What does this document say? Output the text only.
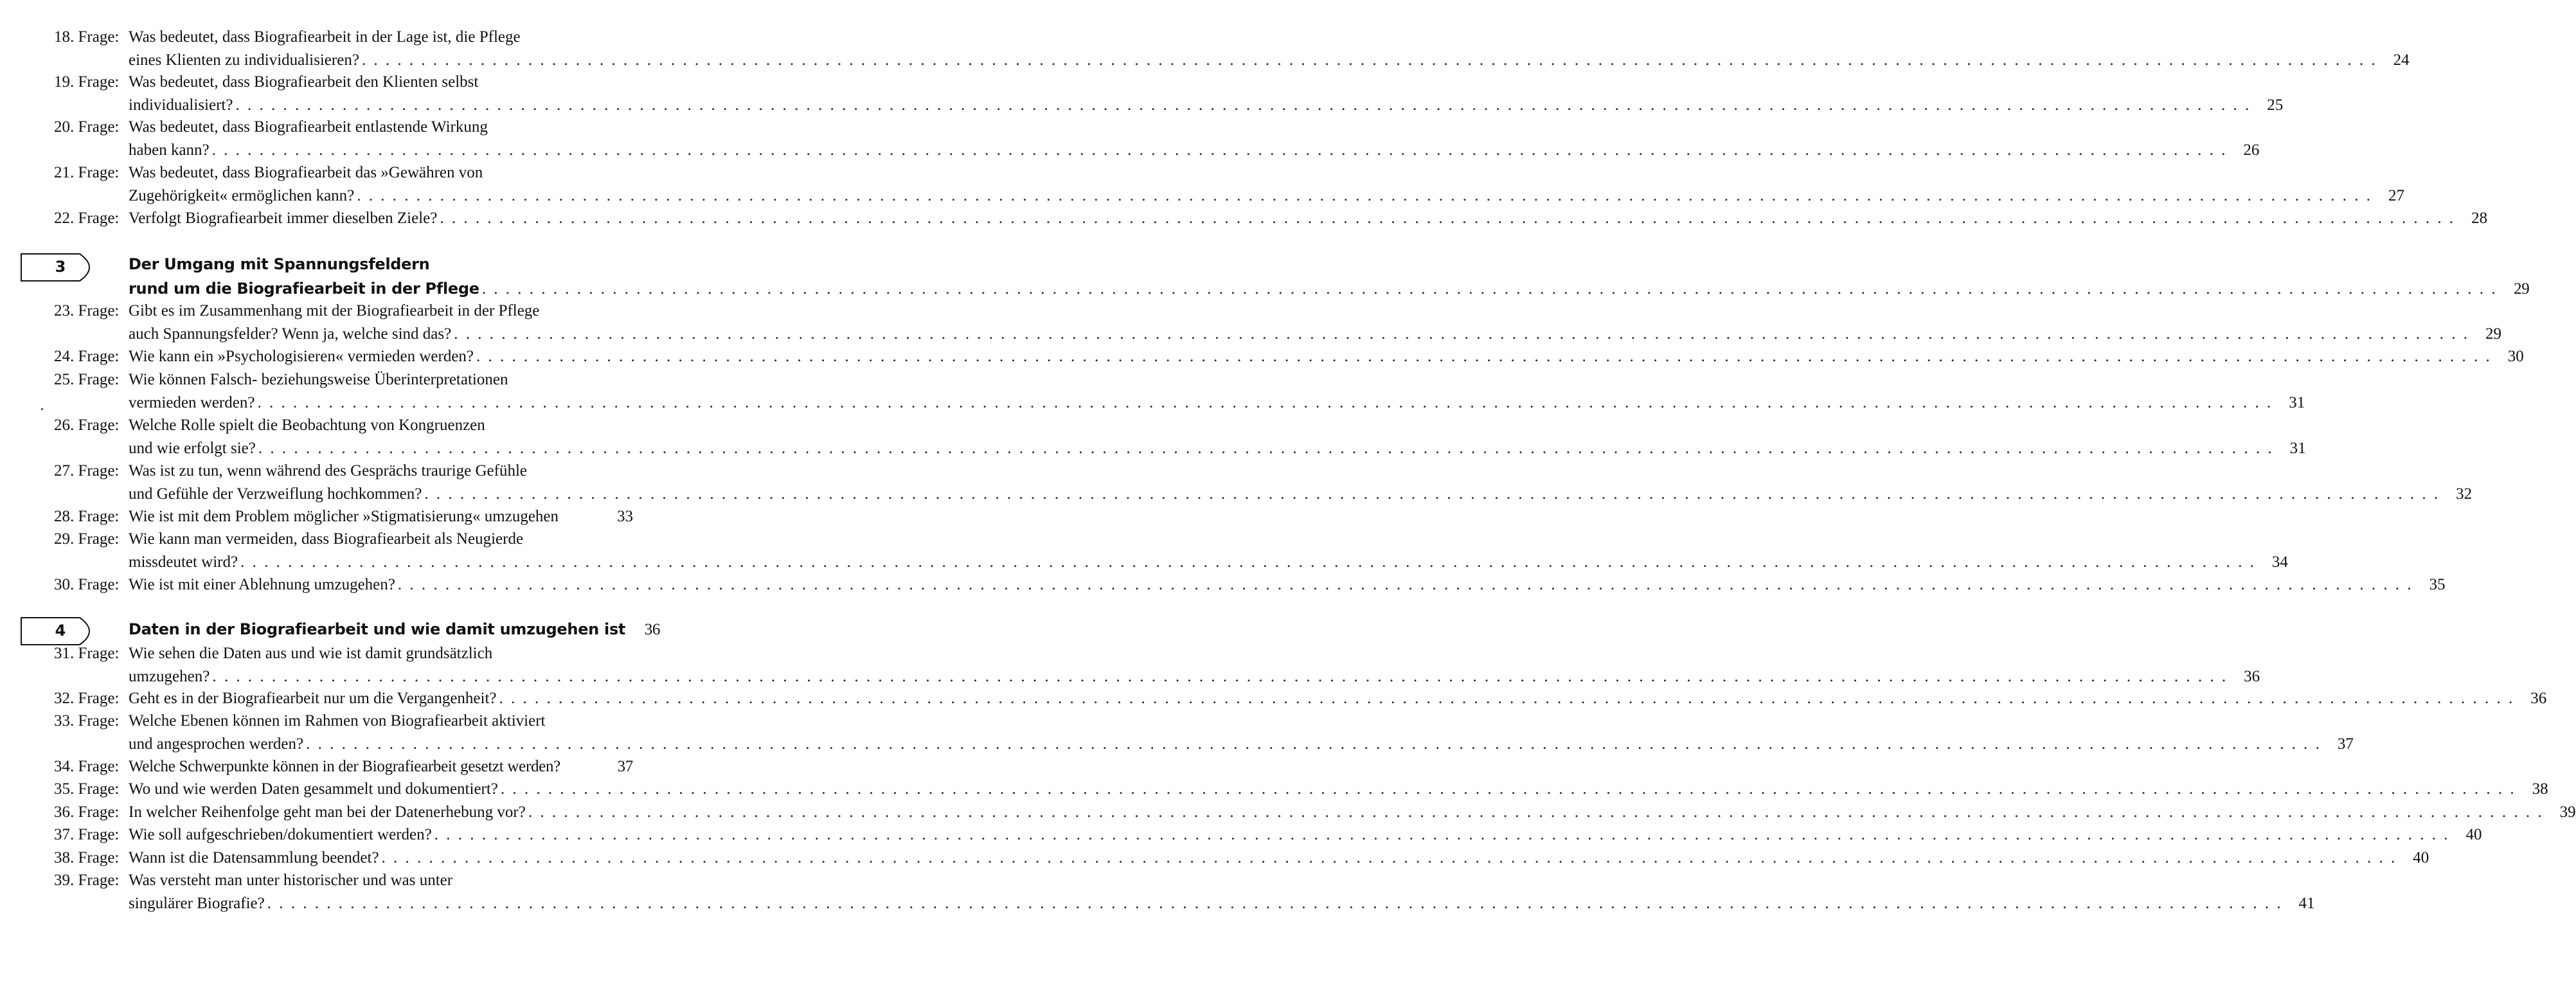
18. Frage: Was bedeutet, dass Biografiearbeit in der Lage ist, die Pflege
eines Klienten zu individualisieren? . . .	24
19. Frage: Was bedeutet, dass Biografiearbeit den Klienten selbst
individualisiert? . . .	25
20. Frage: Was bedeutet, dass Biografiearbeit entlastende Wirkung
haben kann? . . .	26
21. Frage: Was bedeutet, dass Biografiearbeit das »Gewähren von
Zugehörigkeit« ermöglichen kann? . . .	27
22. Frage: Verfolgt Biografiearbeit immer dieselben Ziele? . . .	28
3	Der Umgang mit Spannungsfeldern
rund um die Biografiearbeit in der Pflege . . .	29
23. Frage: Gibt es im Zusammenhang mit der Biografiearbeit in der Pflege
auch Spannungsfelder? Wenn ja, welche sind das? . . .	29
24. Frage: Wie kann ein »Psychologisieren« vermieden werden? . . .	30
25. Frage: Wie können Falsch- beziehungsweise Überinterpretationen
vermieden werden? . . .	31
26. Frage: Welche Rolle spielt die Beobachtung von Kongruenzen
und wie erfolgt sie? . . .	31
27. Frage: Was ist zu tun, wenn während des Gesprächs traurige Gefühle
und Gefühle der Verzweiflung hochkommen? . . .	32
28. Frage: Wie ist mit dem Problem möglicher »Stigmatisierung« umzugehen	33
29. Frage: Wie kann man vermeiden, dass Biografiearbeit als Neugierde
missdeutet wird? . . .	34
30. Frage: Wie ist mit einer Ablehnung umzugehen? . . .	35
4	Daten in der Biografiearbeit und wie damit umzugehen ist	36
31. Frage: Wie sehen die Daten aus und wie ist damit grundsätzlich
umzugehen? . . .	36
32. Frage: Geht es in der Biografiearbeit nur um die Vergangenheit? . . .	36
33. Frage: Welche Ebenen können im Rahmen von Biografiearbeit aktiviert
und angesprochen werden? . . .	37
34. Frage: Welche Schwerpunkte können in der Biografiearbeit gesetzt werden?	37
35. Frage: Wo und wie werden Daten gesammelt und dokumentiert? . . .	38
36. Frage: In welcher Reihenfolge geht man bei der Datenerhebung vor? . . .	39
37. Frage: Wie soll aufgeschrieben/dokumentiert werden? . . .	40
38. Frage: Wann ist die Datensammlung beendet? . . .	40
39. Frage: Was versteht man unter historischer und was unter
singulärer Biografie? . . .	41
